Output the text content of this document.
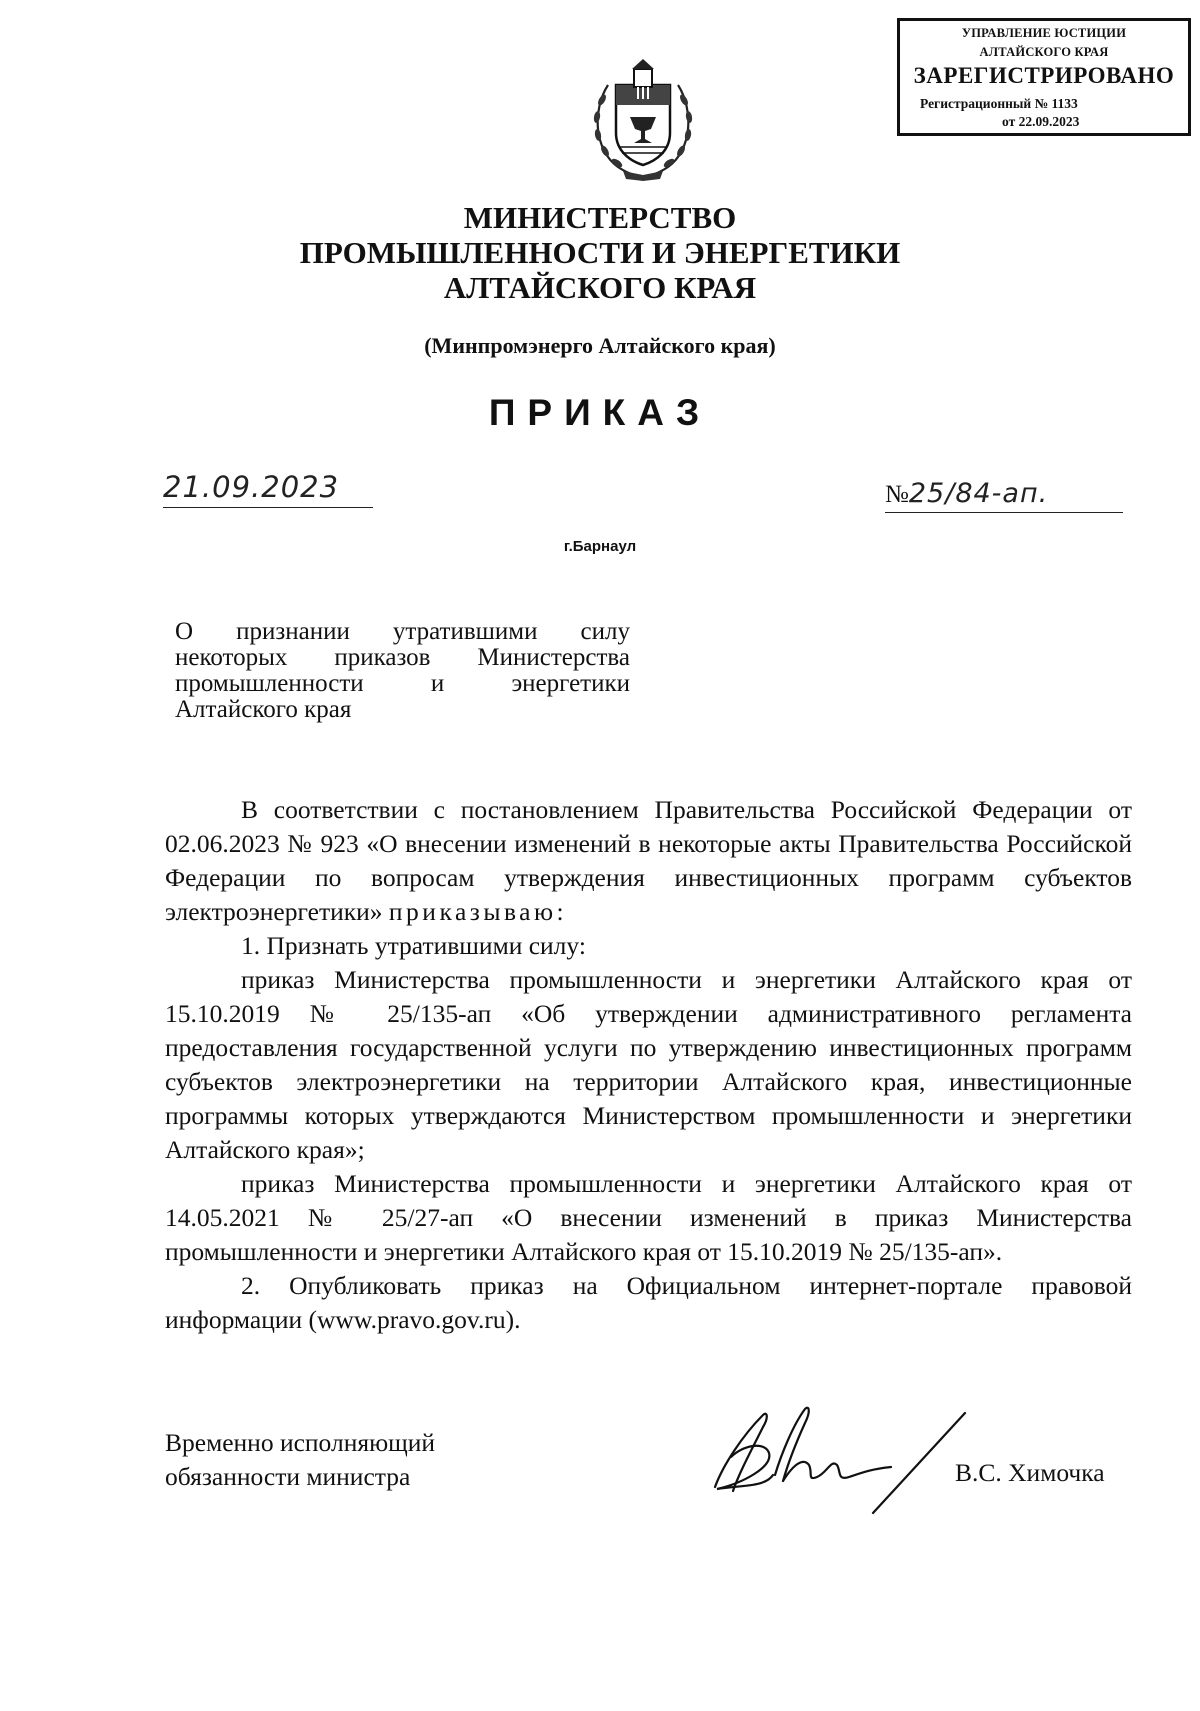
УПРАВЛЕНИЕ ЮСТИЦИИ
АЛТАЙСКОГО КРАЯ
ЗАРЕГИСТРИРОВАНО
Регистрационный № 1133
от 22.09.2023
МИНИСТЕРСТВО
ПРОМЫШЛЕННОСТИ И ЭНЕРГЕТИКИ
АЛТАЙСКОГО КРАЯ
(Минпромэнерго Алтайского края)
ПРИКАЗ
21.09.2023	№25/84-ап.
г.Барнаул
О признании утратившими силу некоторых приказов Министерства промышленности и энергетики Алтайского края

В соответствии с постановлением Правительства Российской Федерации от 02.06.2023 № 923 «О внесении изменений в некоторые акты Правительства Российской Федерации по вопросам утверждения инвестиционных программ субъектов электроэнергетики» приказываю:

1. Признать утратившими силу:

приказ Министерства промышленности и энергетики Алтайского края от 15.10.2019 № 25/135-ап «Об утверждении административного регламента предоставления государственной услуги по утверждению инвестиционных программ субъектов электроэнергетики на территории Алтайского края, инвестиционные программы которых утверждаются Министерством промышленности и энергетики Алтайского края»;

приказ Министерства промышленности и энергетики Алтайского края от 14.05.2021 № 25/27-ап «О внесении изменений в приказ Министерства промышленности и энергетики Алтайского края от 15.10.2019 № 25/135-ап».

2. Опубликовать приказ на Официальном интернет-портале правовой информации (www.pravo.gov.ru).

Временно исполняющий
обязанности министра	В.С. Химочка
